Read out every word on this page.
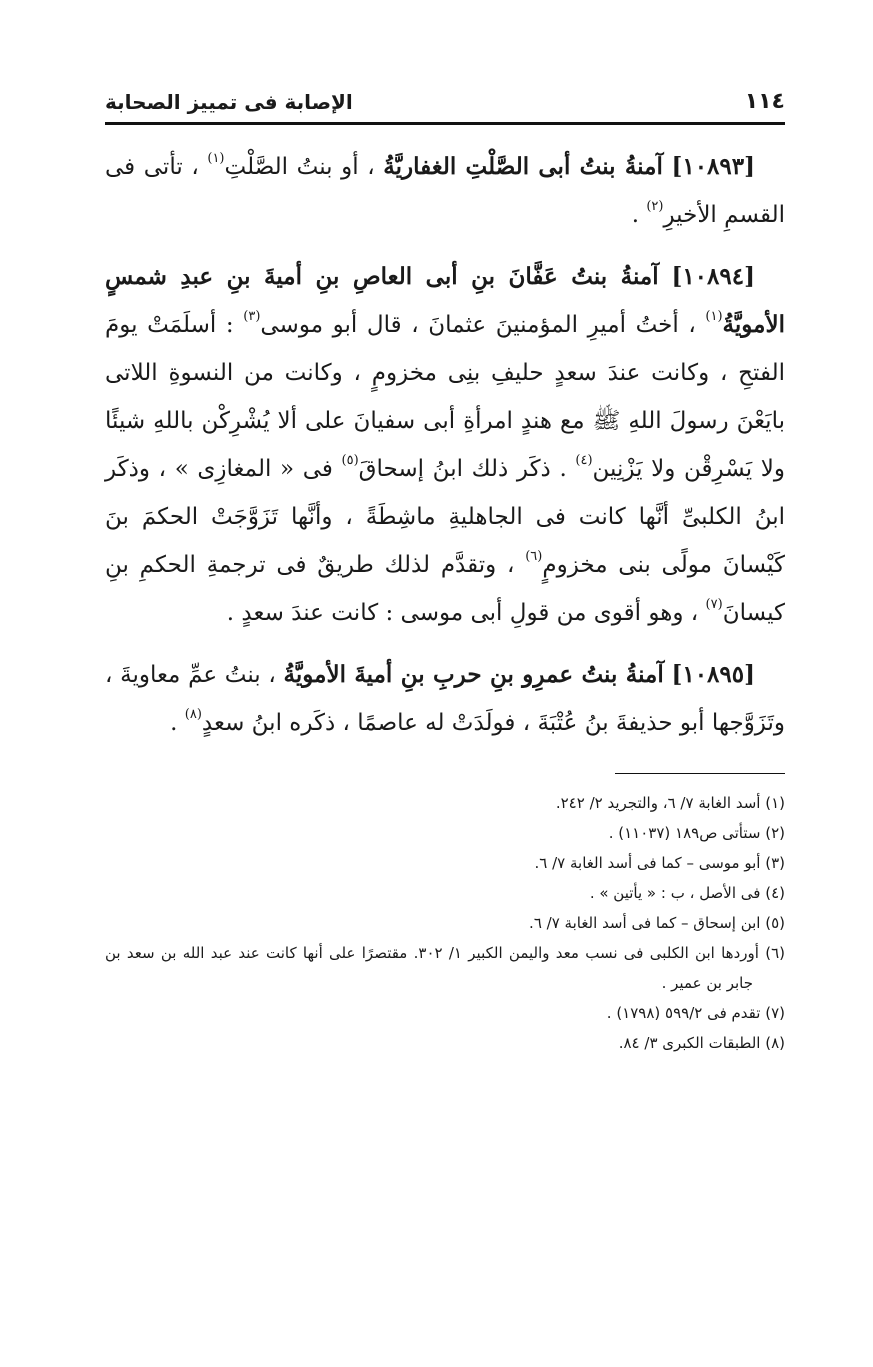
١١٤
الإصابة فى تمييز الصحابة

[١٠٨٩٣] آمنةُ بنتُ أبى الصَّلْتِ الغفاريَّةُ ، أو بنتُ الصَّلْتِ$^{(١)}$ ، تأتى فى القسمِ الأخيرِ$^{(٢)}$ .

[١٠٨٩٤] آمنةُ بنتُ عَفَّانَ بنِ أبى العاصِ بنِ أميةَ بنِ عبدِ شمسٍ الأمويَّةُ$^{(١)}$ ، أختُ أميرِ المؤمنينَ عثمانَ ، قال أبو موسى$^{(٣)}$ : أسلَمَتْ يومَ الفتحِ ، وكانت عندَ سعدٍ حليفِ بنِى مخزومٍ ، وكانت من النسوةِ اللاتى بايَعْنَ رسولَ اللهِ ﷺ مع هندٍ امرأةِ أبى سفيانَ على ألا يُشْرِكْن باللهِ شيئًا ولا يَسْرِقْن ولا يَزْنِين$^{(٤)}$ . ذكَر ذلك ابنُ إسحاقَ$^{(٥)}$ فى « المغازِى » ، وذكَر ابنُ الكلبىِّ أنَّها كانت فى الجاهليةِ ماشِطَةً ، وأنَّها تَزَوَّجَتْ الحكمَ بنَ كَيْسانَ مولًى بنى مخزومٍ$^{(٦)}$ ، وتقدَّم لذلك طريقٌ فى ترجمةِ الحكمِ بنِ كيسانَ$^{(٧)}$ ، وهو أقوى من قولِ أبى موسى : كانت عندَ سعدٍ .

[١٠٨٩٥] آمنةُ بنتُ عمرِو بنِ حربِ بنِ أميةَ الأمويَّةُ ، بنتُ عمِّ معاويةَ ، وتَزَوَّجها أبو حذيفةَ بنُ عُتْبَةَ ، فولَدَتْ له عاصمًا ، ذكَره ابنُ سعدٍ$^{(٨)}$ .

(١) أسد الغابة ٧/ ٦، والتجريد ٢/ ٢٤٢.
(٢) ستأتى ص١٨٩ (١١٠٣٧) .
(٣) أبو موسى – كما فى أسد الغابة ٧/ ٦.
(٤) فى الأصل ، ب : « يأتين » .
(٥) ابن إسحاق – كما فى أسد الغابة ٧/ ٦.
(٦) أوردها ابن الكلبى فى نسب معد واليمن الكبير ١/ ٣٠٢. مقتصرًا على أنها كانت عند عبد الله بن سعد بن جابر بن عمير .
(٧) تقدم فى ٥٩٩/٢ (١٧٩٨) .
(٨) الطبقات الكبرى ٣/ ٨٤.
